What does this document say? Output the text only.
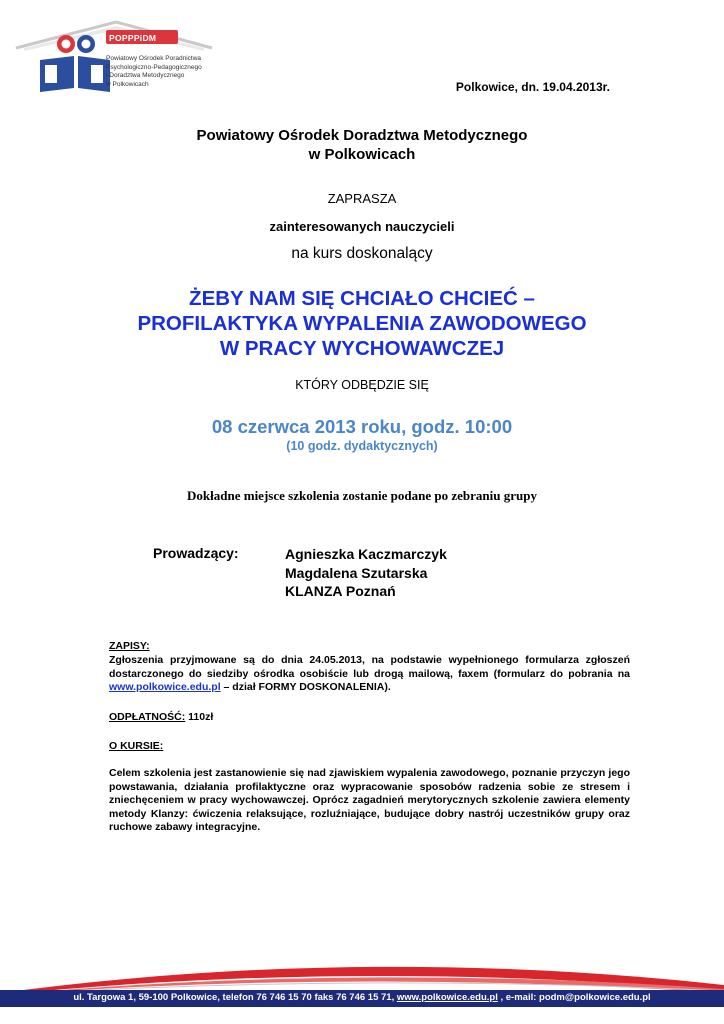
POPPPiDM
Powiatowy Ośrodek Poradnictwa
Psychologiczno-Pedagogicznego
i Doradztwa Metodycznego
w Polkowicach	Polkowice, dn. 19.04.2013r.
Powiatowy Ośrodek Doradztwa Metodycznego
w Polkowicach
ZAPRASZA
zainteresowanych nauczycieli
na kurs doskonalący
ŻEBY NAM SIĘ CHCIAŁO CHCIEĆ –
PROFILAKTYKA WYPALENIA ZAWODOWEGO
W PRACY WYCHOWAWCZEJ
KTÓRY ODBĘDZIE SIĘ
08 czerwca 2013 roku, godz. 10:00
(10 godz. dydaktycznych)
Dokładne miejsce szkolenia zostanie podane po zebraniu grupy
Prowadzący:	Agnieszka Kaczmarczyk
Magdalena Szutarska
KLANZA Poznań
ZAPISY:
Zgłoszenia przyjmowane są do dnia 24.05.2013, na podstawie wypełnionego formularza zgłoszeń dostarczonego do siedziby ośrodka osobiście lub drogą mailową, faxem (formularz do pobrania na www.polkowice.edu.pl – dział FORMY DOSKONALENIA).
ODPŁATNOŚĆ: 110zł
O KURSIE:
Celem szkolenia jest zastanowienie się nad zjawiskiem wypalenia zawodowego, poznanie przyczyn jego powstawania, działania profilaktyczne oraz wypracowanie sposobów radzenia sobie ze stresem i zniechęceniem w pracy wychowawczej. Oprócz zagadnień merytorycznych szkolenie zawiera elementy metody Klanzy: ćwiczenia relaksujące, rozluźniające, budujące dobry nastrój uczestników grupy oraz ruchowe zabawy integracyjne.
ul. Targowa 1, 59-100 Polkowice, telefon 76 746 15 70 faks 76 746 15 71, www.polkowice.edu.pl , e-mail: podm@polkowice.edu.pl
